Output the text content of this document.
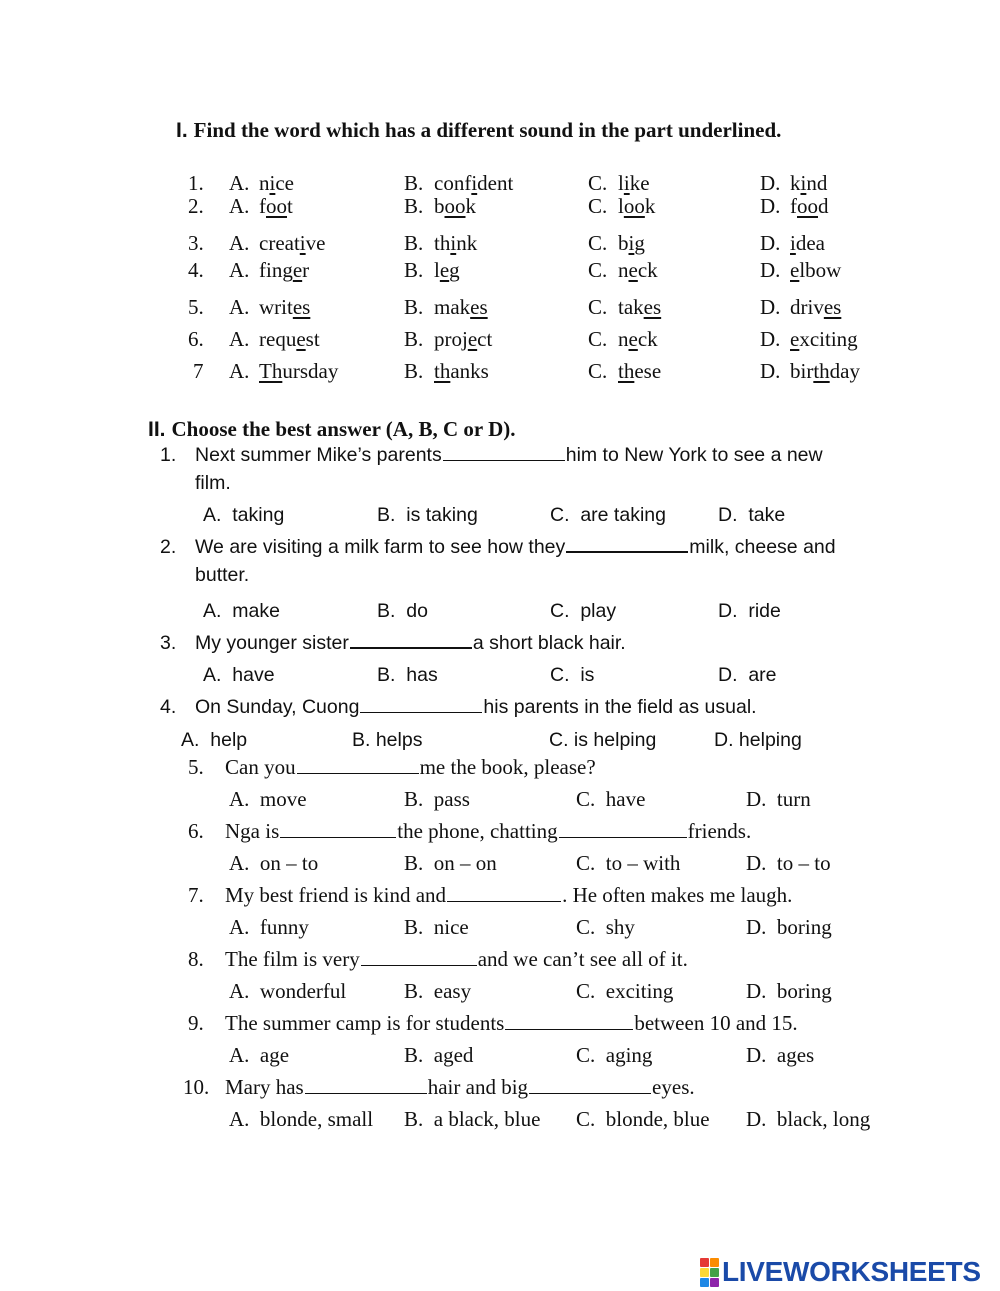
I. Find the word which has a different sound in the part underlined.
1. A. nice	B. confident	C. like	D. kind
2. A. foot	B. book	C. look	D. food
3. A. creative	B. think	C. big	D. idea
4. A. finger	B. leg	C. neck	D. elbow
5. A. writes	B. makes	C. takes	D. drives
6. A. request	B. project	C. neck	D. exciting
7 A. Thursday	B. thanks	C. these	D. birthday
II. Choose the best answer (A, B, C or D).
1. Next summer Mike’s parents	him to New York to see a new
film.
A.  taking	B.  is taking	C.  are taking	D.  take
2. We are visiting a milk farm to see how they	milk, cheese and
butter.
A.  make	B.  do	C.  play	D.  ride
3. My younger sister	a short black hair.
A.  have	B.  has	C.  is	D.  are
4. On Sunday, Cuong	his parents in the field as usual.
A.  help	B. helps	C. is helping	D. helping
5. Can you	me the book, please?
A.  move	B.  pass	C.  have	D.  turn
6. Nga is	the phone, chatting	friends.
A.  on – to	B.  on – on	C.  to – with	D.  to – to
7. My best friend is kind and	. He often makes me laugh.
A.  funny	B.  nice	C.  shy	D.  boring
8. The film is very	and we can’t see all of it.
A.  wonderful	B.  easy	C.  exciting	D.  boring
9. The summer camp is for students	between 10 and 15.
A.  age	B.  aged	C.  aging	D.  ages
10. Mary has	hair and big	eyes.
A.  blonde, small B.  a black, blue C.  blonde, blue D.  black, long
LIVEWORKSHEETS
